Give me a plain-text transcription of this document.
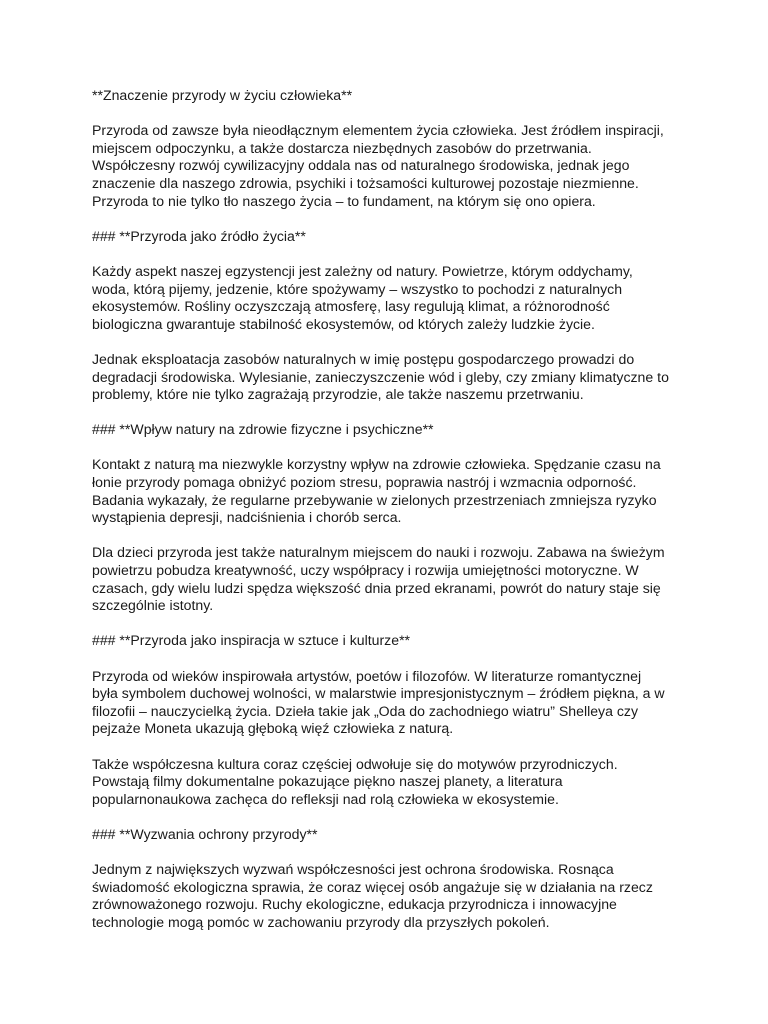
**Znaczenie przyrody w życiu człowieka**
Przyroda od zawsze była nieodłącznym elementem życia człowieka. Jest źródłem inspiracji,
miejscem odpoczynku, a także dostarcza niezbędnych zasobów do przetrwania.
Współczesny rozwój cywilizacyjny oddala nas od naturalnego środowiska, jednak jego
znaczenie dla naszego zdrowia, psychiki i tożsamości kulturowej pozostaje niezmienne.
Przyroda to nie tylko tło naszego życia – to fundament, na którym się ono opiera.
### **Przyroda jako źródło życia**
Każdy aspekt naszej egzystencji jest zależny od natury. Powietrze, którym oddychamy,
woda, którą pijemy, jedzenie, które spożywamy – wszystko to pochodzi z naturalnych
ekosystemów. Rośliny oczyszczają atmosferę, lasy regulują klimat, a różnorodność
biologiczna gwarantuje stabilność ekosystemów, od których zależy ludzkie życie.
Jednak eksploatacja zasobów naturalnych w imię postępu gospodarczego prowadzi do
degradacji środowiska. Wylesianie, zanieczyszczenie wód i gleby, czy zmiany klimatyczne to
problemy, które nie tylko zagrażają przyrodzie, ale także naszemu przetrwaniu.
### **Wpływ natury na zdrowie fizyczne i psychiczne**
Kontakt z naturą ma niezwykle korzystny wpływ na zdrowie człowieka. Spędzanie czasu na
łonie przyrody pomaga obniżyć poziom stresu, poprawia nastrój i wzmacnia odporność.
Badania wykazały, że regularne przebywanie w zielonych przestrzeniach zmniejsza ryzyko
wystąpienia depresji, nadciśnienia i chorób serca.
Dla dzieci przyroda jest także naturalnym miejscem do nauki i rozwoju. Zabawa na świeżym
powietrzu pobudza kreatywność, uczy współpracy i rozwija umiejętności motoryczne. W
czasach, gdy wielu ludzi spędza większość dnia przed ekranami, powrót do natury staje się
szczególnie istotny.
### **Przyroda jako inspiracja w sztuce i kulturze**
Przyroda od wieków inspirowała artystów, poetów i filozofów. W literaturze romantycznej
była symbolem duchowej wolności, w malarstwie impresjonistycznym – źródłem piękna, a w
filozofii – nauczycielką życia. Dzieła takie jak „Oda do zachodniego wiatru” Shelleya czy
pejzaże Moneta ukazują głęboką więź człowieka z naturą.
Także współczesna kultura coraz częściej odwołuje się do motywów przyrodniczych.
Powstają filmy dokumentalne pokazujące piękno naszej planety, a literatura
popularnonaukowa zachęca do refleksji nad rolą człowieka w ekosystemie.
### **Wyzwania ochrony przyrody**
Jednym z największych wyzwań współczesności jest ochrona środowiska. Rosnąca
świadomość ekologiczna sprawia, że coraz więcej osób angażuje się w działania na rzecz
zrównoważonego rozwoju. Ruchy ekologiczne, edukacja przyrodnicza i innowacyjne
technologie mogą pomóc w zachowaniu przyrody dla przyszłych pokoleń.
